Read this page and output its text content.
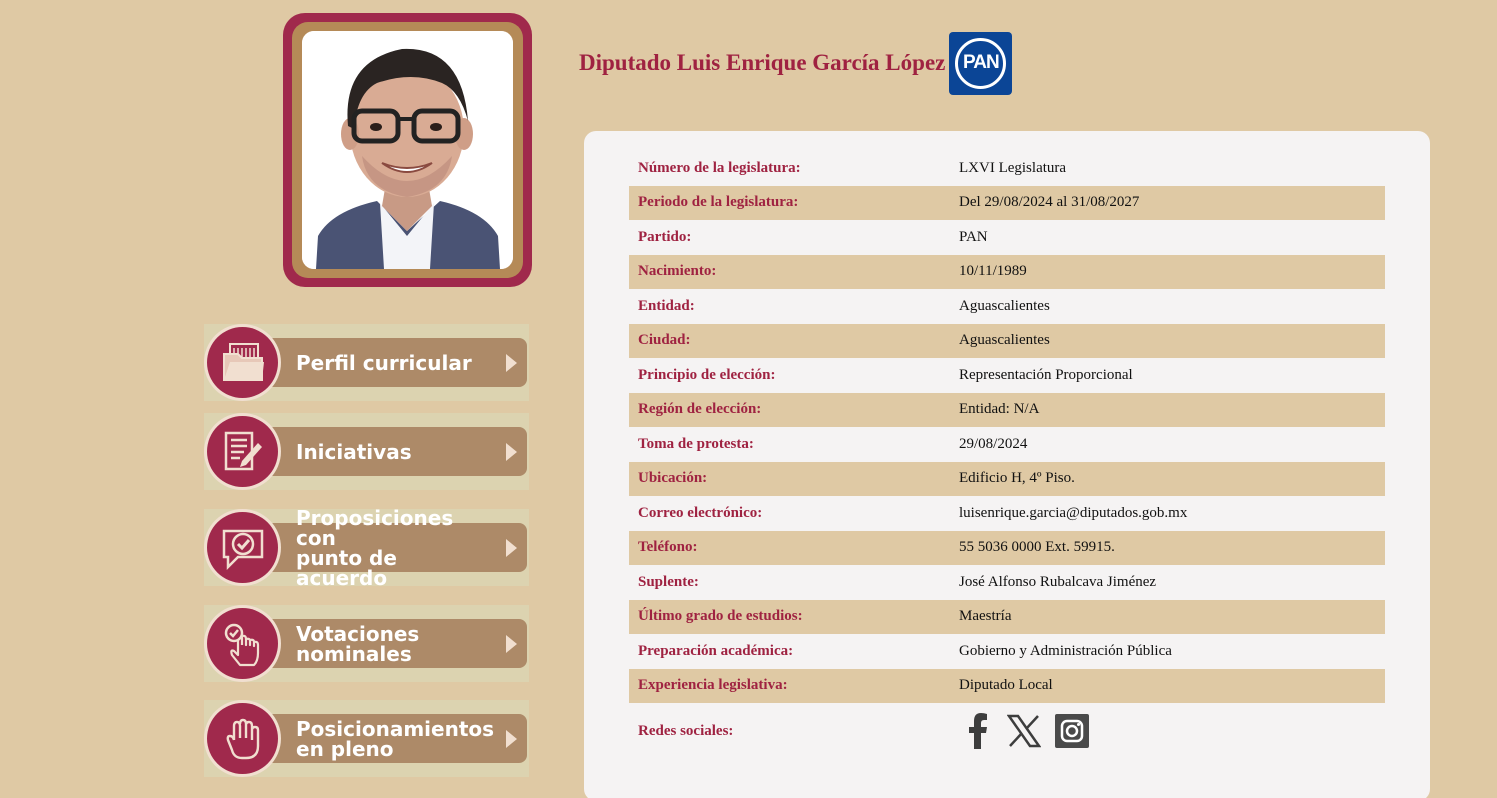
Diputado Luis Enrique García López PAN
Perfil curricular
Iniciativas
Proposiciones con
punto de acuerdo
Votaciones
nominales
Posicionamientos
en pleno
Número de la legislatura:	LXVI Legislatura
Periodo de la legislatura:	Del 29/08/2024 al 31/08/2027
Partido:	PAN
Nacimiento:	10/11/1989
Entidad:	Aguascalientes
Ciudad:	Aguascalientes
Principio de elección:	Representación Proporcional
Región de elección:	Entidad: N/A
Toma de protesta:	29/08/2024
Ubicación:	Edificio H, 4º Piso.
Correo electrónico:	luisenrique.garcia@diputados.gob.mx
Teléfono:	55 5036 0000 Ext. 59915.
Suplente:	José Alfonso Rubalcava Jiménez
Último grado de estudios:	Maestría
Preparación académica:	Gobierno y Administración Pública
Experiencia legislativa:	Diputado Local
Redes sociales:	
